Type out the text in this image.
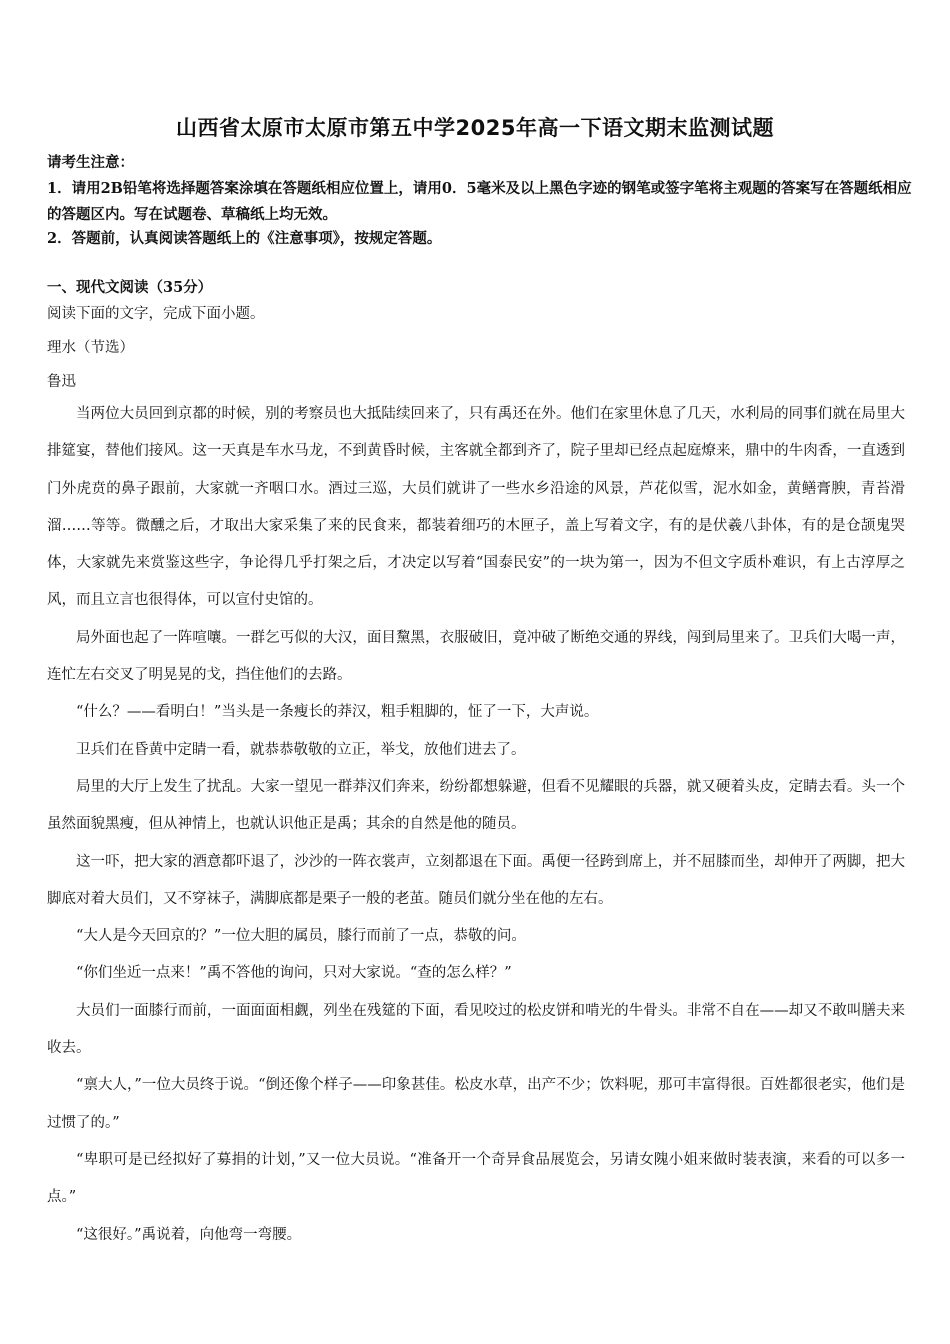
山西省太原市太原市第五中学2025年高一下语文期末监测试题
请考生注意：
1．请用2B铅笔将选择题答案涂填在答题纸相应位置上，请用0．5毫米及以上黑色字迹的钢笔或签字笔将主观题的答案写在答题纸相应的答题区内。写在试题卷、草稿纸上均无效。
2．答题前，认真阅读答题纸上的《注意事项》，按规定答题。
一、现代文阅读（35分）
阅读下面的文字，完成下面小题。
理水（节选）
鲁迅

当两位大员回到京都的时候，别的考察员也大抵陆续回来了，只有禹还在外。他们在家里休息了几天，水利局的同事们就在局里大排筵宴，替他们接风。这一天真是车水马龙，不到黄昏时候，主客就全都到齐了，院子里却已经点起庭燎来，鼎中的牛肉香，一直透到门外虎贲的鼻子跟前，大家就一齐咽口水。酒过三巡，大员们就讲了一些水乡沿途的风景，芦花似雪，泥水如金，黄鳝膏腴，青苔滑溜……等等。微醺之后，才取出大家采集了来的民食来，都装着细巧的木匣子，盖上写着文字，有的是伏羲八卦体，有的是仓颉鬼哭体，大家就先来赏鉴这些字，争论得几乎打架之后，才决定以写着“国泰民安”的一块为第一，因为不但文字质朴难识，有上古淳厚之风，而且立言也很得体，可以宣付史馆的。

局外面也起了一阵喧嚷。一群乞丐似的大汉，面目黧黑，衣服破旧，竟冲破了断绝交通的界线，闯到局里来了。卫兵们大喝一声，连忙左右交叉了明晃晃的戈，挡住他们的去路。

“什么？——看明白！”当头是一条瘦长的莽汉，粗手粗脚的，怔了一下，大声说。

卫兵们在昏黄中定睛一看，就恭恭敬敬的立正，举戈，放他们进去了。

局里的大厅上发生了扰乱。大家一望见一群莽汉们奔来，纷纷都想躲避，但看不见耀眼的兵器，就又硬着头皮，定睛去看。头一个虽然面貌黑瘦，但从神情上，也就认识他正是禹；其余的自然是他的随员。

这一吓，把大家的酒意都吓退了，沙沙的一阵衣裳声，立刻都退在下面。禹便一径跨到席上，并不屈膝而坐，却伸开了两脚，把大脚底对着大员们，又不穿袜子，满脚底都是栗子一般的老茧。随员们就分坐在他的左右。

“大人是今天回京的？”一位大胆的属员，膝行而前了一点，恭敬的问。

“你们坐近一点来！”禹不答他的询问，只对大家说。“查的怎么样？”

大员们一面膝行而前，一面面面相觑，列坐在残筵的下面，看见咬过的松皮饼和啃光的牛骨头。非常不自在——却又不敢叫膳夫来收去。

“禀大人，”一位大员终于说。“倒还像个样子——印象甚佳。松皮水草，出产不少；饮料呢，那可丰富得很。百姓都很老实，他们是过惯了的。”

“卑职可是已经拟好了募捐的计划，”又一位大员说。“准备开一个奇异食品展览会，另请女隗小姐来做时装表演，来看的可以多一点。”

“这很好。”禹说着，向他弯一弯腰。
